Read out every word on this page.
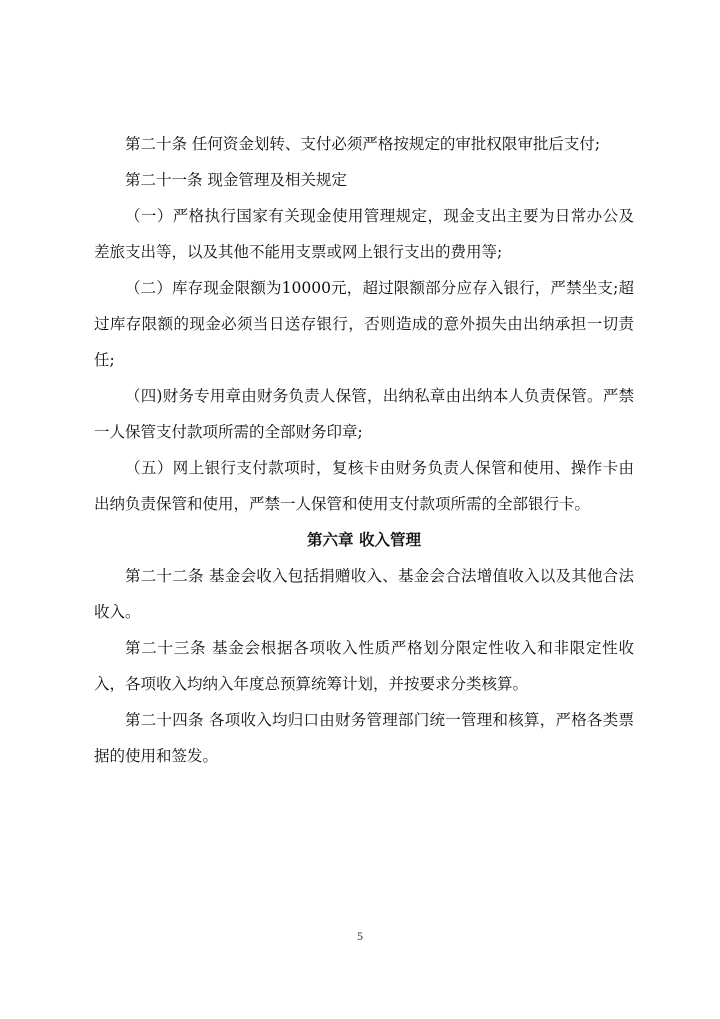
第二十条 任何资金划转、支付必须严格按规定的审批权限审批后支付;

第二十一条 现金管理及相关规定

（一）严格执行国家有关现金使用管理规定，现金支出主要为日常办公及差旅支出等，以及其他不能用支票或网上银行支出的费用等;

（二）库存现金限额为10000元，超过限额部分应存入银行，严禁坐支;超过库存限额的现金必须当日送存银行，否则造成的意外损失由出纳承担一切责任;

（四)财务专用章由财务负责人保管，出纳私章由出纳本人负责保管。严禁一人保管支付款项所需的全部财务印章;

（五）网上银行支付款项时，复核卡由财务负责人保管和使用、操作卡由出纳负责保管和使用，严禁一人保管和使用支付款项所需的全部银行卡。

第六章 收入管理

第二十二条 基金会收入包括捐赠收入、基金会合法增值收入以及其他合法收入。

第二十三条 基金会根据各项收入性质严格划分限定性收入和非限定性收入，各项收入均纳入年度总预算统筹计划，并按要求分类核算。

第二十四条 各项收入均归口由财务管理部门统一管理和核算，严格各类票据的使用和签发。

5
